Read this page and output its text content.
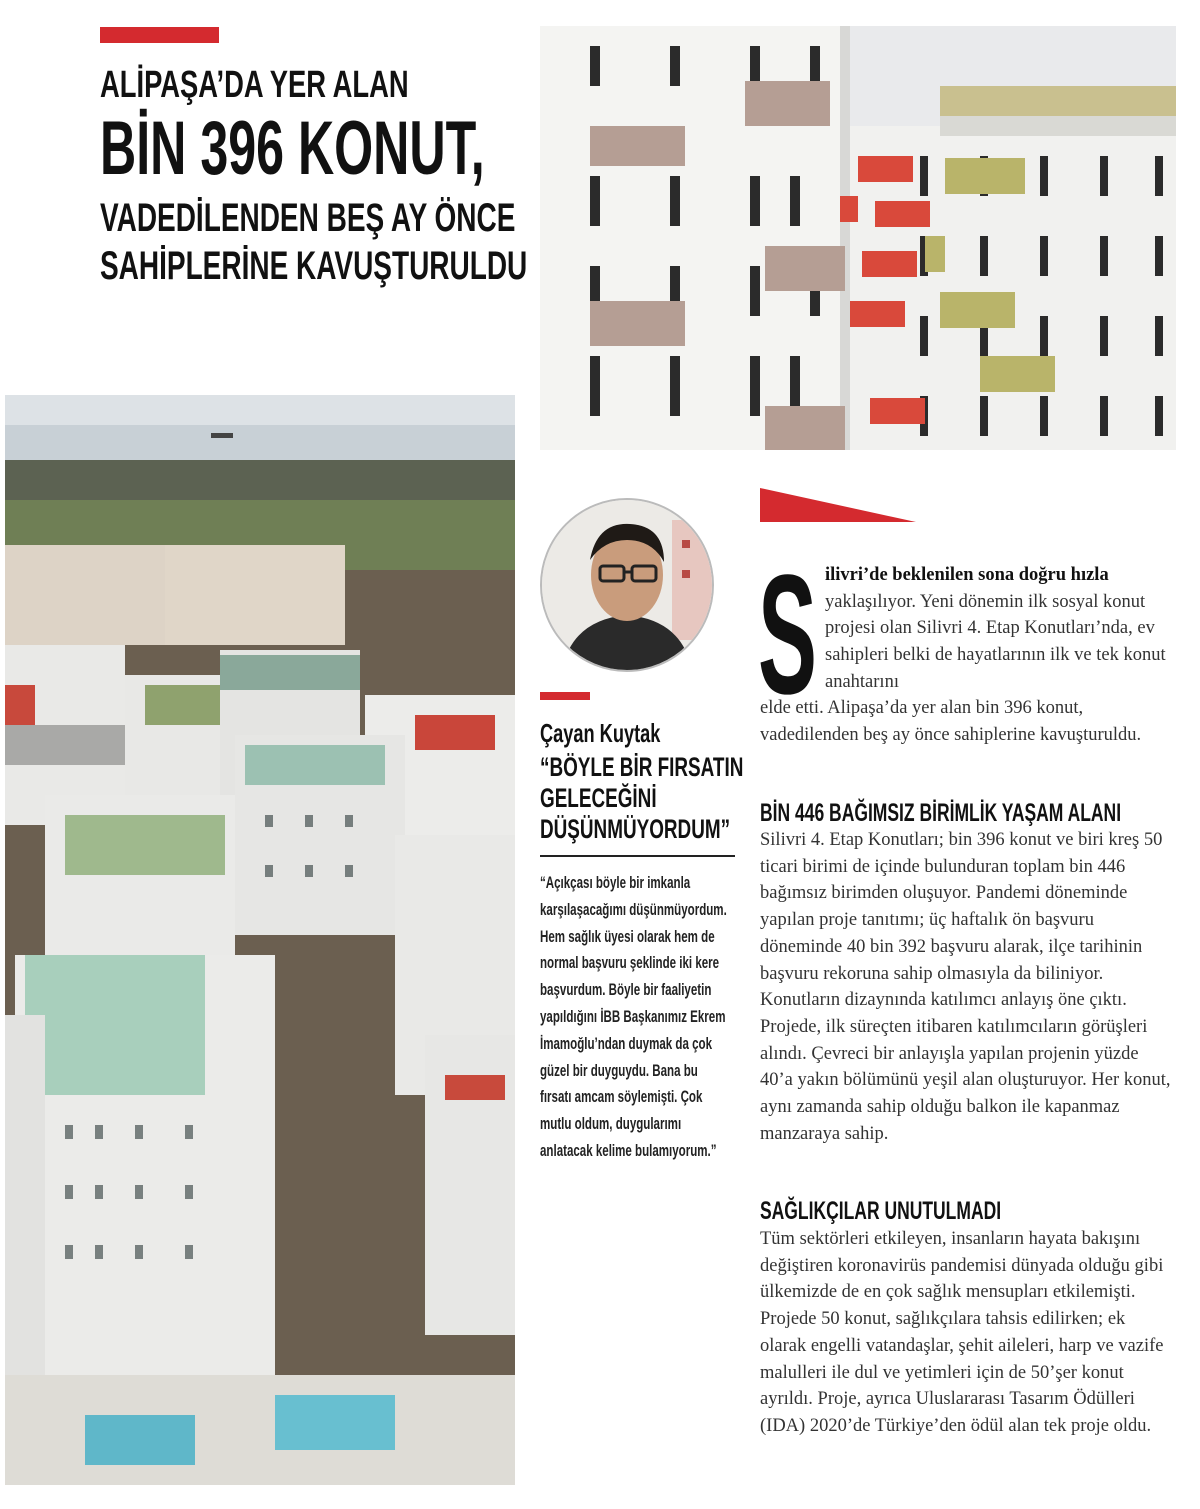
ALİPAŞA’DA YER ALAN
BİN 396 KONUT,
VADEDİLENDEN BEŞ AY ÖNCE
SAHİPLERİNE KAVUŞTURULDU
Çayan Kuytak
“BÖYLE BİR FIRSATIN GELECEĞİNİ DÜŞÜNMÜYORDUM”
“Açıkçası böyle bir imkanla karşılaşacağımı düşünmüyordum. Hem sağlık üyesi olarak hem de normal başvuru şeklinde iki kere başvurdum. Böyle bir faaliyetin yapıldığını İBB Başkanımız Ekrem İmamoğlu’ndan duymak da çok güzel bir duyguydu. Bana bu fırsatı amcam söylemişti. Çok mutlu oldum, duygularımı anlatacak kelime bulamıyorum.”
S ilivri’de beklenilen sona doğru hızla yaklaşılıyor. Yeni dönemin ilk sosyal konut projesi olan Silivri 4. Etap Konutları’nda, ev sahipleri belki de hayatlarının ilk ve tek konut anahtarını
elde etti. Alipaşa’da yer alan bin 396 konut, vadedilenden beş ay önce sahiplerine kavuşturuldu.
BİN 446 BAĞIMSIZ BİRİMLİK YAŞAM ALANI
Silivri 4. Etap Konutları; bin 396 konut ve biri kreş 50 ticari birimi de içinde bulunduran toplam bin 446 bağımsız birimden oluşuyor. Pandemi döneminde yapılan proje tanıtımı; üç haftalık ön başvuru döneminde 40 bin 392 başvuru alarak, ilçe tarihinin başvuru rekoruna sahip olmasıyla da biliniyor. Konutların dizaynında katılımcı anlayış öne çıktı. Projede, ilk süreçten itibaren katılımcıların görüşleri alındı. Çevreci bir anlayışla yapılan projenin yüzde 40’a yakın bölümünü yeşil alan oluşturuyor. Her konut, aynı zamanda sahip olduğu balkon ile kapanmaz manzaraya sahip.
SAĞLIKÇILAR UNUTULMADI
Tüm sektörleri etkileyen, insanların hayata bakışını değiştiren koronavirüs pandemisi dünyada olduğu gibi ülkemizde de en çok sağlık mensupları etkilemişti. Projede 50 konut, sağlıkçılara tahsis edilirken; ek olarak engelli vatandaşlar, şehit aileleri, harp ve vazife malulleri ile dul ve yetimleri için de 50’şer konut ayrıldı. Proje, ayrıca Uluslararası Tasarım Ödülleri (IDA) 2020’de Türkiye’den ödül alan tek proje oldu.
